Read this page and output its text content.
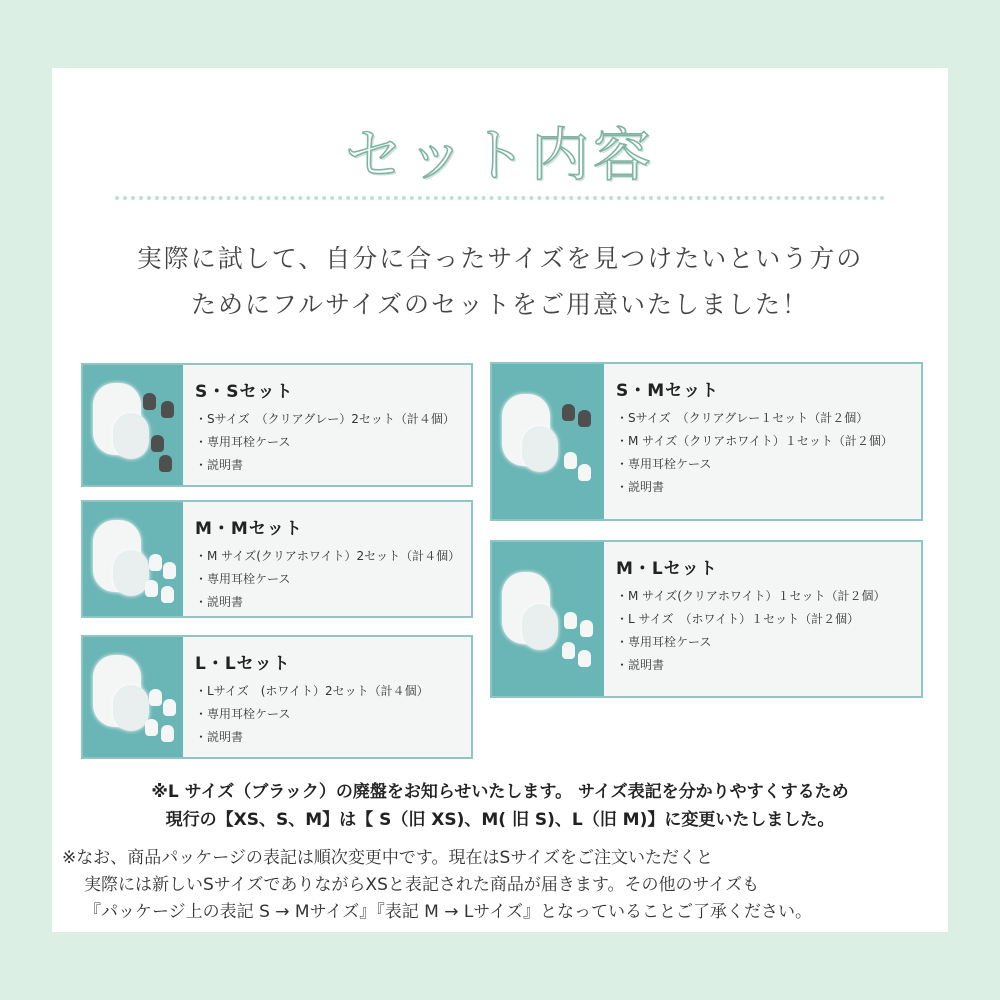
セット内容
実際に試して、自分に合ったサイズを見つけたいという方の
ためにフルサイズのセットをご用意いたしました！
S・Sセット
・Sサイズ　（クリアグレー）2セット（計４個）
・専用耳栓ケース
・説明書
M・Mセット
・M サイズ(クリアホワイト）2セット（計４個）
・専用耳栓ケース
・説明書
L・Lセット
・Lサイズ　(ホワイト）2セット（計４個）
・専用耳栓ケース
・説明書
S・Mセット
・Sサイズ　（クリアグレー１セット（計２個）
・M サイズ（クリアホワイト）１セット（計２個）
・専用耳栓ケース
・説明書
M・Lセット
・M サイズ(クリアホワイト）１セット（計２個）
・L サイズ　（ホワイト）１セット（計２個）
・専用耳栓ケース
・説明書
※L サイズ（ブラック）の廃盤をお知らせいたします。 サイズ表記を分かりやすくするため
現行の【XS、S、M】は【 S（旧 XS)、M( 旧 S)、L（旧 M)】に変更いたしました。
※なお、商品パッケージの表記は順次変更中です。現在はSサイズをご注文いただくと
実際には新しいSサイズでありながらXSと表記された商品が届きます。その他のサイズも
『パッケージ上の表記 S → Mサイズ』『表記 M → Lサイズ』となっていることご了承ください。
